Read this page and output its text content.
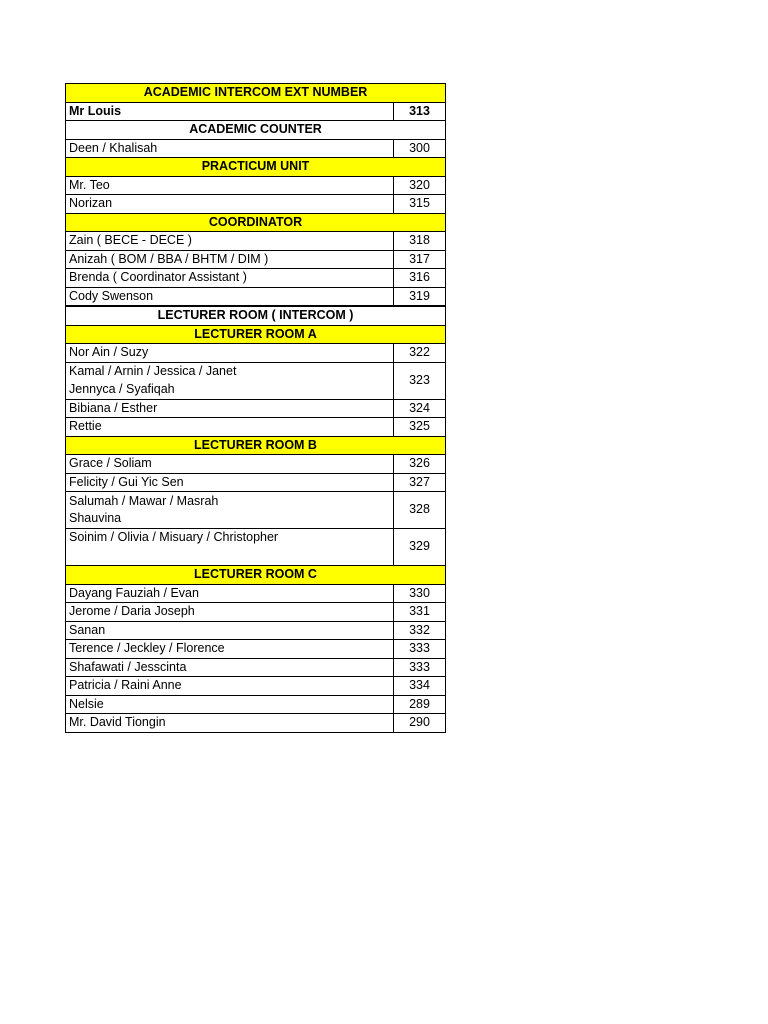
ACADEMIC INTERCOM EXT NUMBER	

Mr Louis	313
ACADEMIC COUNTER	

Deen / Khalisah	300
PRACTICUM UNIT	

Mr. Teo	320

Norizan	315
COORDINATOR	

Zain ( BECE - DECE )	318

Anizah ( BOM / BBA / BHTM / DIM )	317

Brenda ( Coordinator Assistant )	316

Cody Swenson	319
LECTURER ROOM ( INTERCOM )	
LECTURER ROOM A	

Nor Ain / Suzy	322

Kamal / Arnin / Jessica / Janet
Jennyca / Syafiqah	323

Bibiana / Esther	324

Rettie	325
LECTURER ROOM B	

Grace / Soliam	326

Felicity / Gui Yic Sen	327

Salumah / Mawar / Masrah
Shauvina	328

Soinim / Olivia / Misuary / Christopher	329
LECTURER ROOM C	

Dayang Fauziah / Evan	330

Jerome / Daria Joseph	331

Sanan	332

Terence / Jeckley / Florence	333

Shafawati / Jesscinta	333

Patricia / Raini Anne	334

Nelsie	289

Mr. David Tiongin	290
